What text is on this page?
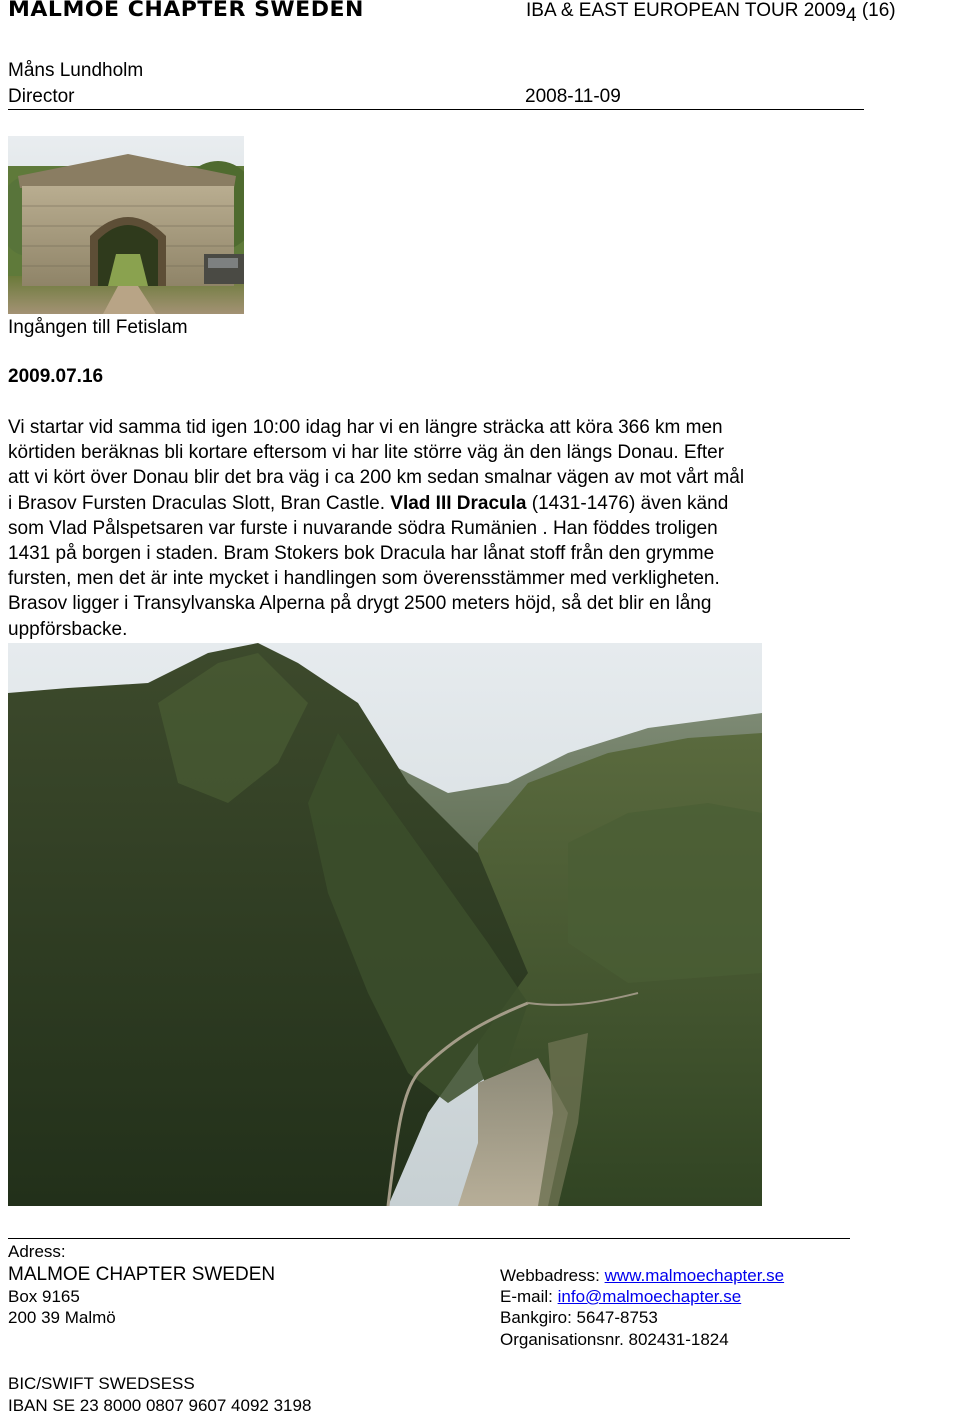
MALMOE CHAPTER SWEDEN	IBA & EAST EUROPEAN TOUR 20094 (16)
Måns Lundholm
Director	2008-11-09
Ingången till Fetislam
2009.07.16

Vi startar vid samma tid igen 10:00 idag har vi en längre sträcka att köra 366 km men

körtiden beräknas bli kortare eftersom vi har lite större väg än den längs Donau. Efter

att vi kört över Donau blir det bra väg i ca 200 km sedan smalnar vägen av mot vårt mål

i Brasov Fursten Draculas Slott, Bran Castle. Vlad III Dracula (1431-1476) även känd

som Vlad Pålspetsaren var furste i nuvarande södra Rumänien . Han föddes troligen

1431 på borgen i staden. Bram Stokers bok Dracula har lånat stoff från den grymme

fursten, men det är inte mycket i handlingen som överensstämmer med verkligheten.

Brasov ligger i Transylvanska Alperna på drygt 2500 meters höjd, så det blir en lång

uppförsbacke.

Adress:
MALMOE CHAPTER SWEDEN
Box 9165
200 39 Malmö
Webbadress: www.malmoechapter.se
E-mail: info@malmoechapter.se
Bankgiro: 5647-8753
Organisationsnr. 802431-1824
BIC/SWIFT SWEDSESS
IBAN SE 23 8000 0807 9607 4092 3198
